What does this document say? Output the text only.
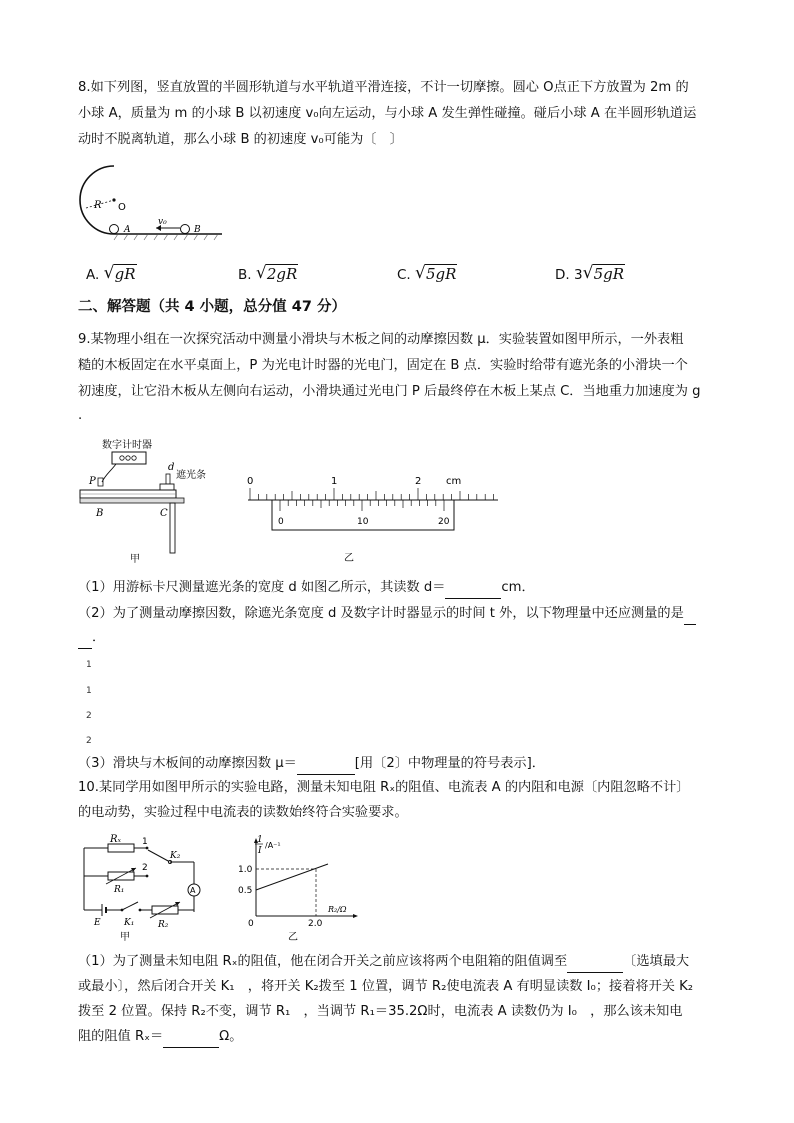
8.如下列图，竖直放置的半圆形轨道与水平轨道平滑连接，不计一切摩擦。圆心 O点正下方放置为 2m 的
小球 A，质量为 m 的小球 B 以初速度 v₀向左运动，与小球 A 发生弹性碰撞。碰后小球 A 在半圆形轨道运
动时不脱离轨道，那么小球 B 的初速度 v₀可能为〔　〕
R O
A
v₀
B
A. √ gR	B. √ 2gR	C. √ 5gR	D. 3 √ 5gR
二、解答题（共 4 小题，总分值 47 分）
9.某物理小组在一次探究活动中测量小滑块与木板之间的动摩擦因数 μ．实验装置如图甲所示，一外表粗
糙的木板固定在水平桌面上，P 为光电计时器的光电门，固定在 B 点．实验时给带有遮光条的小滑块一个
初速度，让它沿木板从左侧向右运动，小滑块通过光电门 P 后最终停在木板上某点 C．当地重力加速度为 g
.
数字计时器
P
d
遮光条
B	C
甲
0	1	2 cm
0	10	20
乙
（1）用游标卡尺测量遮光条的宽度 d 如图乙所示，其读数 d＝	cm．
（2）为了测量动摩擦因数，除遮光条宽度 d 及数字计时器显示的时间 t 外，以下物理量中还应测量的是
．
1
1
2
2
（3）滑块与木板间的动摩擦因数 μ＝	[用〔2〕中物理量的符号表示]．
10.某同学用如图甲所示的实验电路，测量未知电阻 Rₓ的阻值、电流表 A 的内阻和电源〔内阻忽略不计〕
的电动势，实验过程中电流表的读数始终符合实验要求。
Rₓ 1
R₁
2
K₂
A
E	K₁	R₂
甲
1
I
/A⁻¹
1.0
0.5
0	2.0
R₂/Ω
乙
（1）为了测量未知电阻 Rₓ的阻值，他在闭合开关之前应该将两个电阻箱的阻值调至	〔选填最大
或最小〕，然后闭合开关 K₁　，将开关 K₂拨至 1 位置，调节 R₂使电流表 A 有明显读数 I₀；接着将开关 K₂
拨至 2 位置。保持 R₂不变，调节 R₁　，当调节 R₁＝35.2Ω时，电流表 A 读数仍为 I₀　，那么该未知电
阻的阻值 Rₓ＝	Ω。
